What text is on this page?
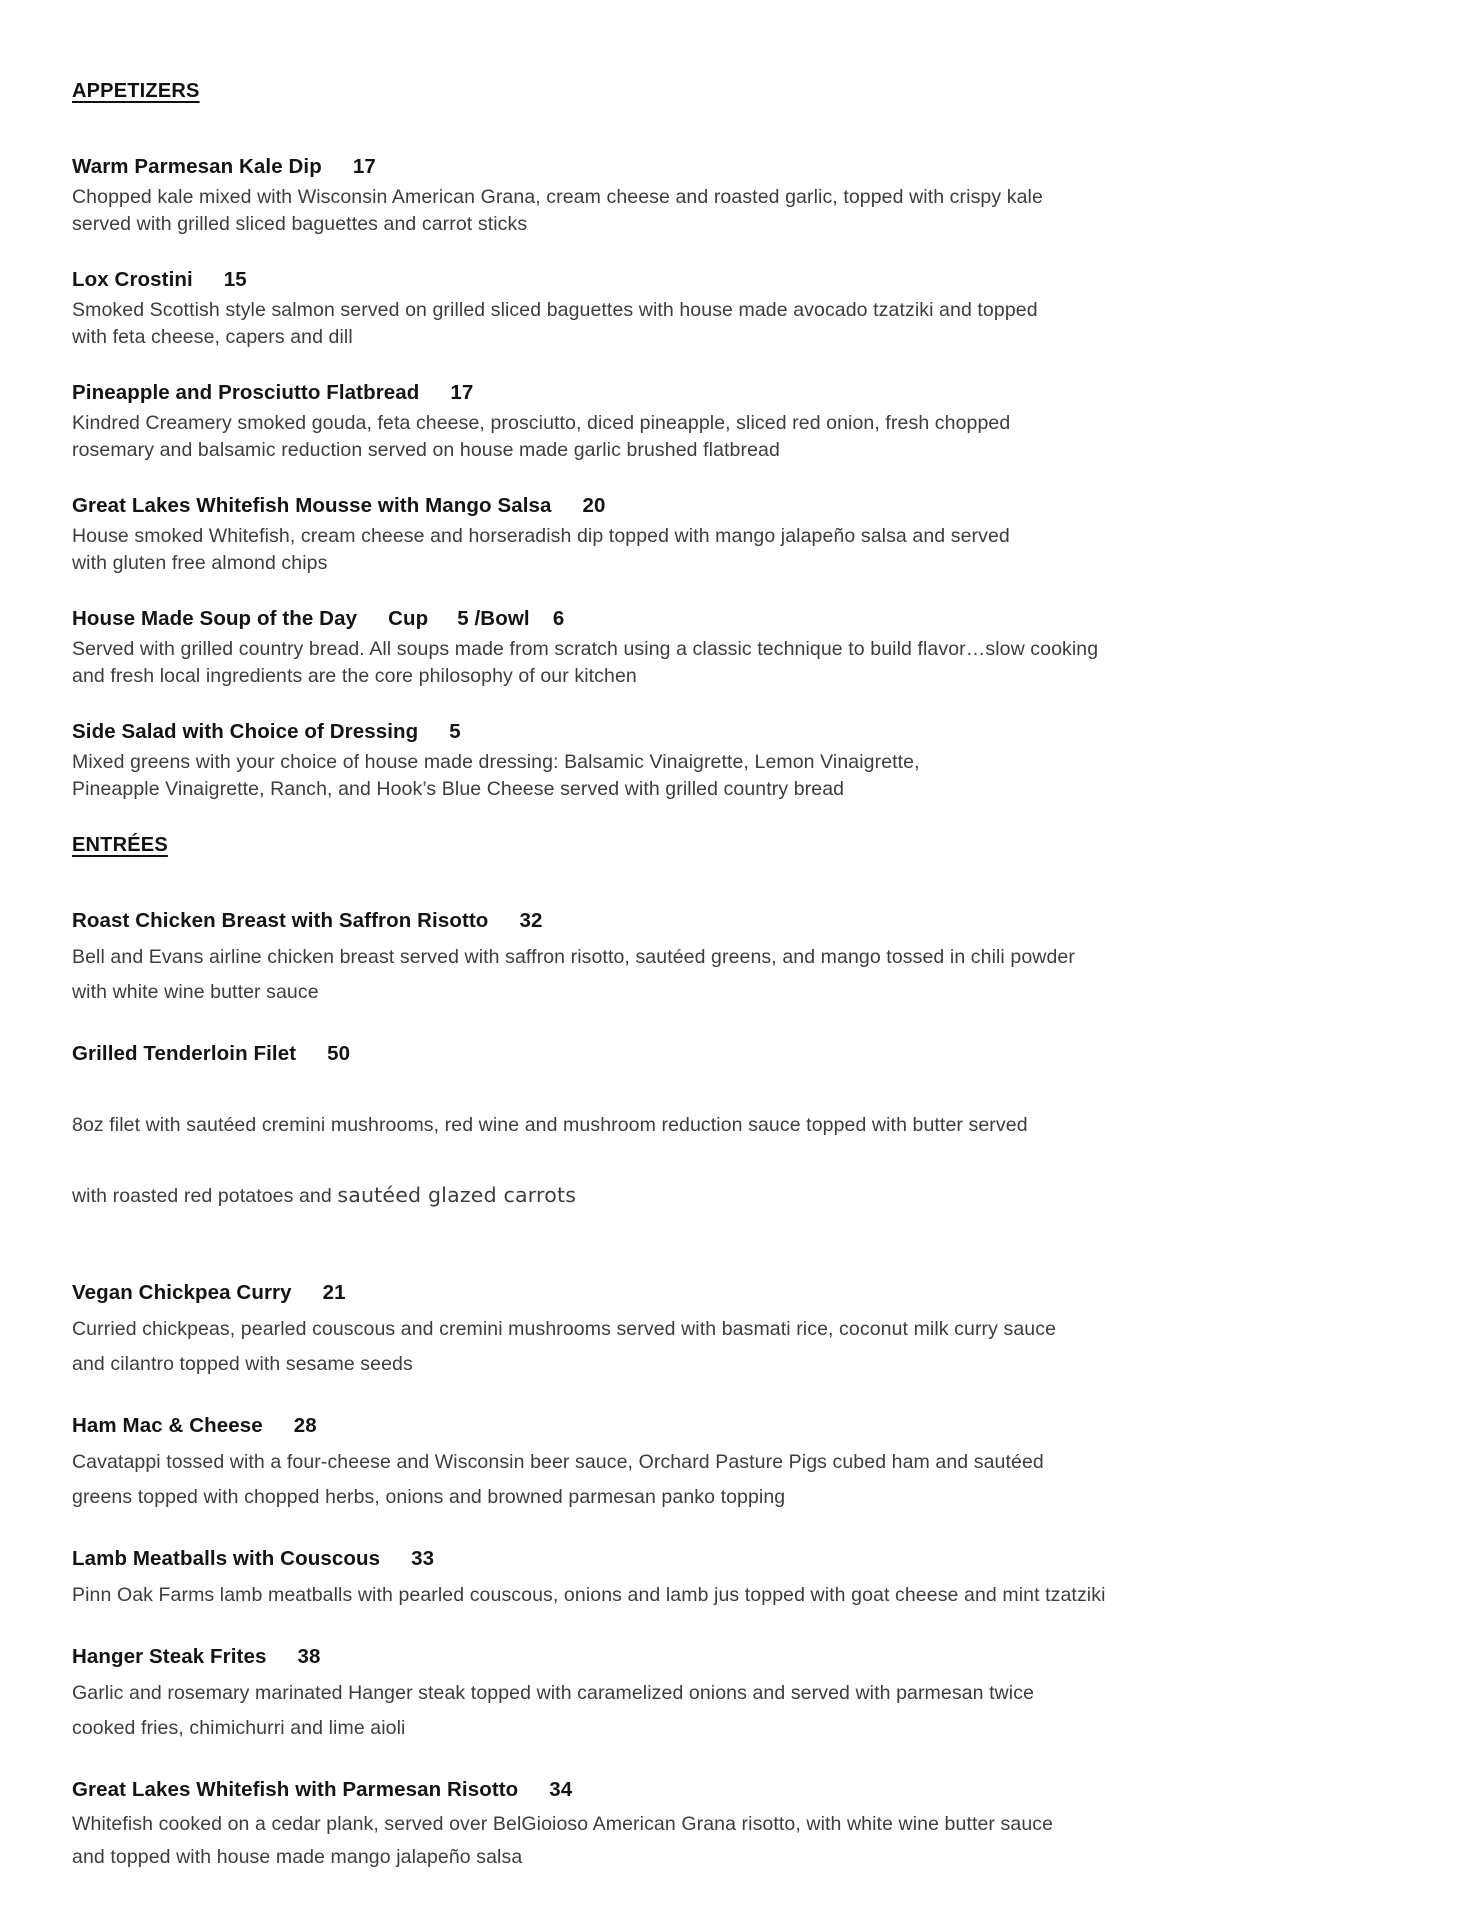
APPETIZERS
Warm Parmesan Kale Dip 17
Chopped kale mixed with Wisconsin American Grana, cream cheese and roasted garlic, topped with crispy kale
served with grilled sliced baguettes and carrot sticks
Lox Crostini 15
Smoked Scottish style salmon served on grilled sliced baguettes with house made avocado tzatziki and topped
with feta cheese, capers and dill
Pineapple and Prosciutto Flatbread 17
Kindred Creamery smoked gouda, feta cheese, prosciutto, diced pineapple, sliced red onion, fresh chopped
rosemary and balsamic reduction served on house made garlic brushed flatbread
Great Lakes Whitefish Mousse with Mango Salsa 20
House smoked Whitefish, cream cheese and horseradish dip topped with mango jalapeño salsa and served
with gluten free almond chips
House Made Soup of the Day Cup     5 /Bowl    6
Served with grilled country bread. All soups made from scratch using a classic technique to build flavor…slow cooking
and fresh local ingredients are the core philosophy of our kitchen
Side Salad with Choice of Dressing 5
Mixed greens with your choice of house made dressing: Balsamic Vinaigrette, Lemon Vinaigrette,
Pineapple Vinaigrette, Ranch, and Hook’s Blue Cheese served with grilled country bread
ENTRÉES
Roast Chicken Breast with Saffron Risotto 32
Bell and Evans airline chicken breast served with saffron risotto, sautéed greens, and mango tossed in chili powder
with white wine butter sauce
Grilled Tenderloin Filet 50

8oz filet with sautéed cremini mushrooms, red wine and mushroom reduction sauce topped with butter served

with roasted red potatoes and sautéed glazed carrots

Vegan Chickpea Curry 21
Curried chickpeas, pearled couscous and cremini mushrooms served with basmati rice, coconut milk curry sauce
and cilantro topped with sesame seeds
Ham Mac & Cheese 28
Cavatappi tossed with a four-cheese and Wisconsin beer sauce, Orchard Pasture Pigs cubed ham and sautéed
greens topped with chopped herbs, onions and browned parmesan panko topping
Lamb Meatballs with Couscous 33
Pinn Oak Farms lamb meatballs with pearled couscous, onions and lamb jus topped with goat cheese and mint tzatziki
Hanger Steak Frites 38
Garlic and rosemary marinated Hanger steak topped with caramelized onions and served with parmesan twice
cooked fries, chimichurri and lime aioli
Great Lakes Whitefish with Parmesan Risotto 34
Whitefish cooked on a cedar plank, served over BelGioioso American Grana risotto, with white wine butter sauce
and topped with house made mango jalapeño salsa
